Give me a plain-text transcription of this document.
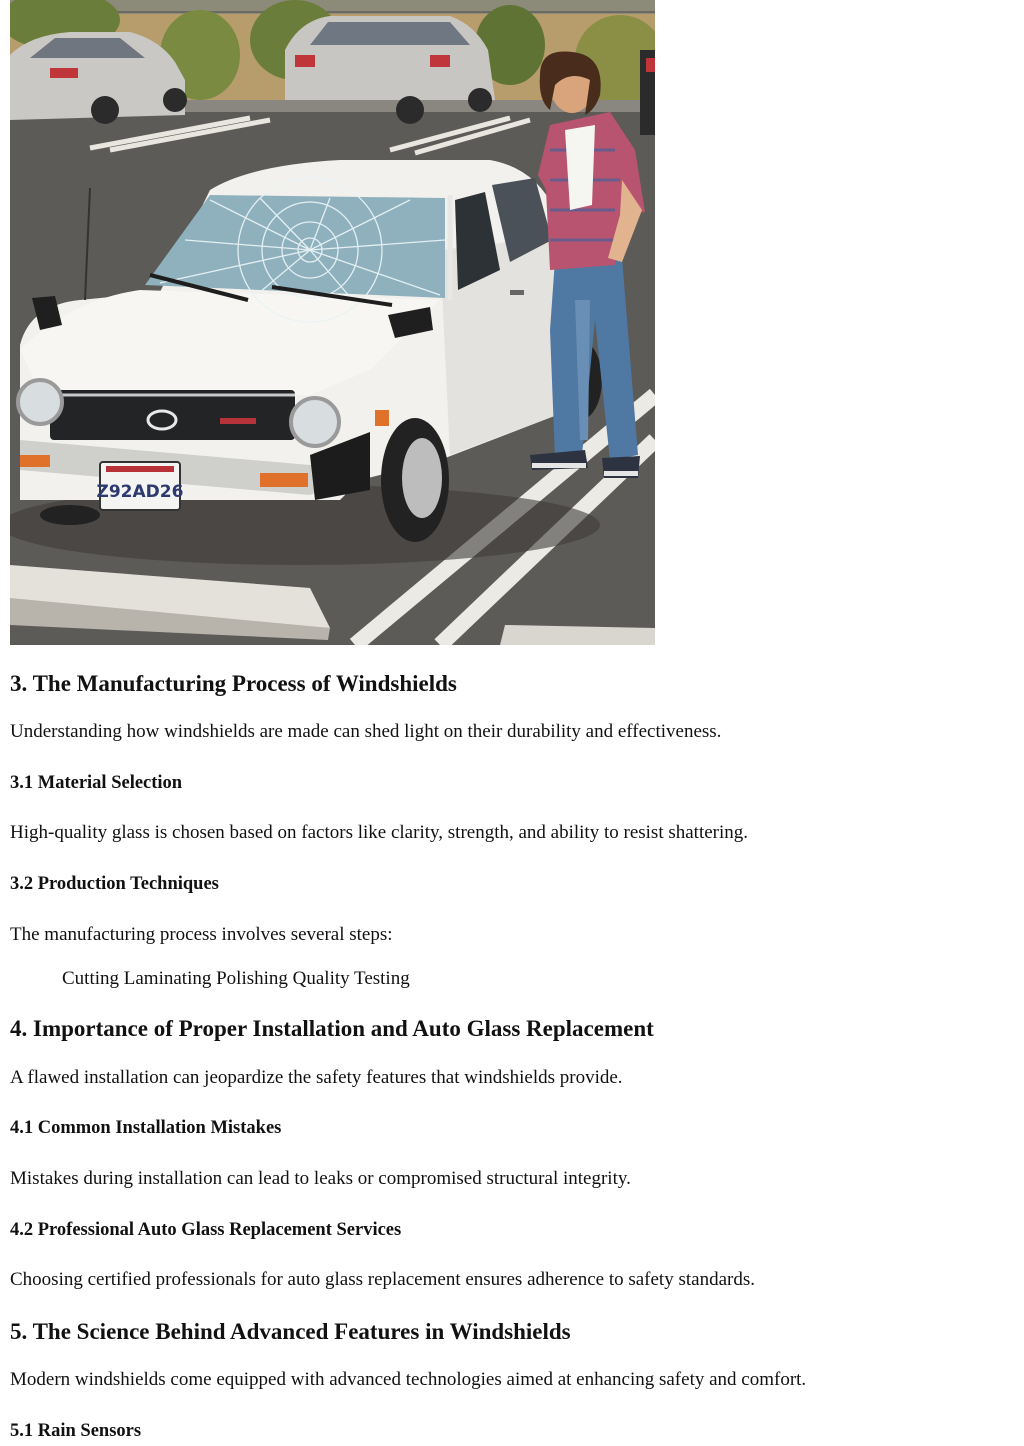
Z92AD26
3. The Manufacturing Process of Windshields

Understanding how windshields are made can shed light on their durability and effectiveness.

3.1 Material Selection

High-quality glass is chosen based on factors like clarity, strength, and ability to resist shattering.

3.2 Production Techniques

The manufacturing process involves several steps:

Cutting Laminating Polishing Quality Testing
4. Importance of Proper Installation and Auto Glass Replacement

A flawed installation can jeopardize the safety features that windshields provide.

4.1 Common Installation Mistakes

Mistakes during installation can lead to leaks or compromised structural integrity.

4.2 Professional Auto Glass Replacement Services

Choosing certified professionals for auto glass replacement ensures adherence to safety standards.

5. The Science Behind Advanced Features in Windshields

Modern windshields come equipped with advanced technologies aimed at enhancing safety and comfort.

5.1 Rain Sensors
